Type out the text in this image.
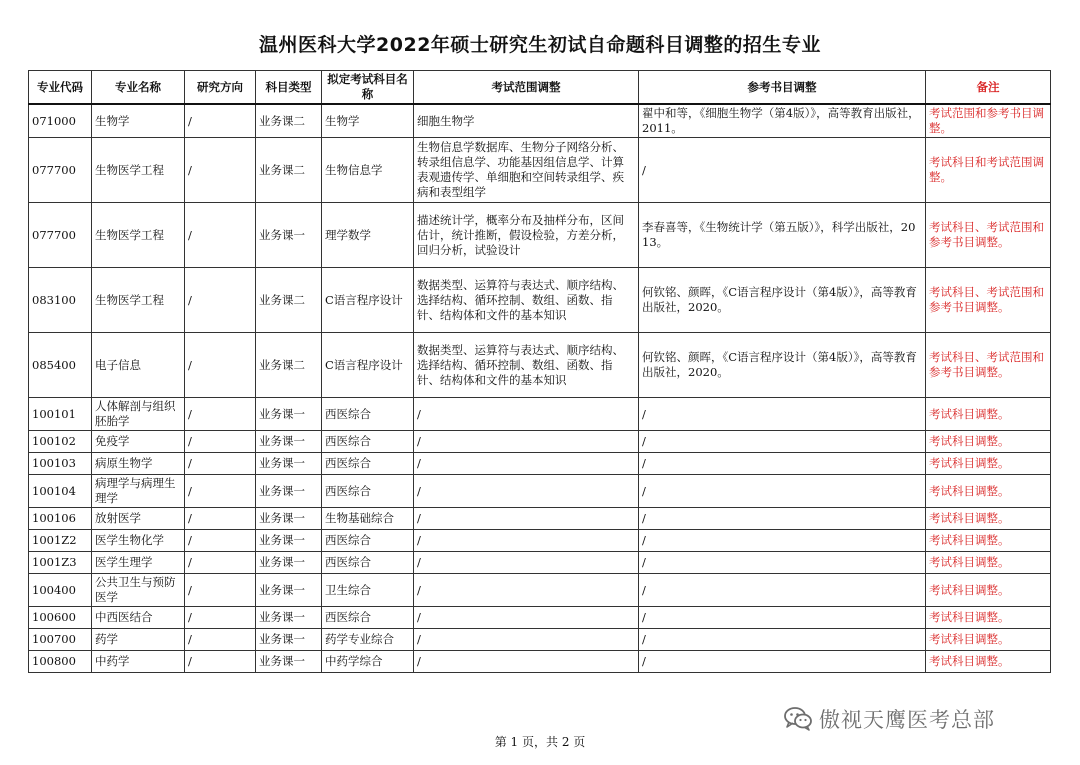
温州医科大学2022年硕士研究生初试自命题科目调整的招生专业
专业代码	专业名称	研究方向	科目类型	拟定考试科目名称	考试范围调整	参考书目调整	备注
071000	生物学	/	业务课二	生物学	细胞生物学	翟中和等，《细胞生物学（第4版）》，高等教育出版社，2011。	考试范围和参考书目调整。
077700	生物医学工程	/	业务课二	生物信息学	生物信息学数据库、生物分子网络分析、转录组信息学、功能基因组信息学、计算表观遗传学、单细胞和空间转录组学、疾病和表型组学	/	考试科目和考试范围调整。
077700	生物医学工程	/	业务课一	理学数学	描述统计学，概率分布及抽样分布，区间估计，统计推断，假设检验，方差分析，回归分析，试验设计	李春喜等，《生物统计学（第五版）》，科学出版社，2013。	考试科目、考试范围和参考书目调整。
083100	生物医学工程	/	业务课二	C语言程序设计	数据类型、运算符与表达式、顺序结构、选择结构、循环控制、数组、函数、指针、结构体和文件的基本知识	何钦铭、颜晖，《C语言程序设计（第4版）》，高等教育出版社，2020。	考试科目、考试范围和参考书目调整。
085400	电子信息	/	业务课二	C语言程序设计	数据类型、运算符与表达式、顺序结构、选择结构、循环控制、数组、函数、指针、结构体和文件的基本知识	何钦铭、颜晖，《C语言程序设计（第4版）》，高等教育出版社，2020。	考试科目、考试范围和参考书目调整。
100101	人体解剖与组织胚胎学	/	业务课一	西医综合	/	/	考试科目调整。
100102	免疫学	/	业务课一	西医综合	/	/	考试科目调整。
100103	病原生物学	/	业务课一	西医综合	/	/	考试科目调整。
100104	病理学与病理生理学	/	业务课一	西医综合	/	/	考试科目调整。
100106	放射医学	/	业务课一	生物基础综合	/	/	考试科目调整。
1001Z2	医学生物化学	/	业务课一	西医综合	/	/	考试科目调整。
1001Z3	医学生理学	/	业务课一	西医综合	/	/	考试科目调整。
100400	公共卫生与预防医学	/	业务课一	卫生综合	/	/	考试科目调整。
100600	中西医结合	/	业务课一	西医综合	/	/	考试科目调整。
100700	药学	/	业务课一	药学专业综合	/	/	考试科目调整。
100800	中药学	/	业务课一	中药学综合	/	/	考试科目调整。
傲视天鹰医考总部
第 1 页，共 2 页
